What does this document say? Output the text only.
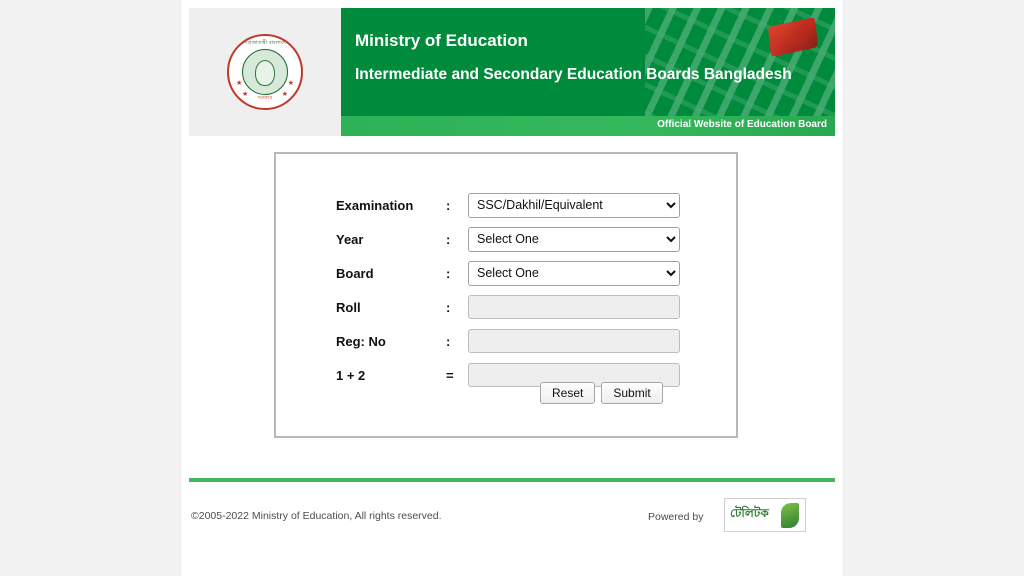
গণপ্রজাতন্ত্রী বাংলাদেশ
★	★
★	★
সরকার
Ministry of Education
Intermediate and Secondary Education Boards Bangladesh
Official Website of Education Board
Examination	:
SSC/Dakhil/Equivalent
Year	:
Select One
Board	:
Select One
Roll	:
Reg: No	:
1 + 2	=
Reset	Submit
©2005-2022 Ministry of Education, All rights reserved.	Powered by টেলিটক
